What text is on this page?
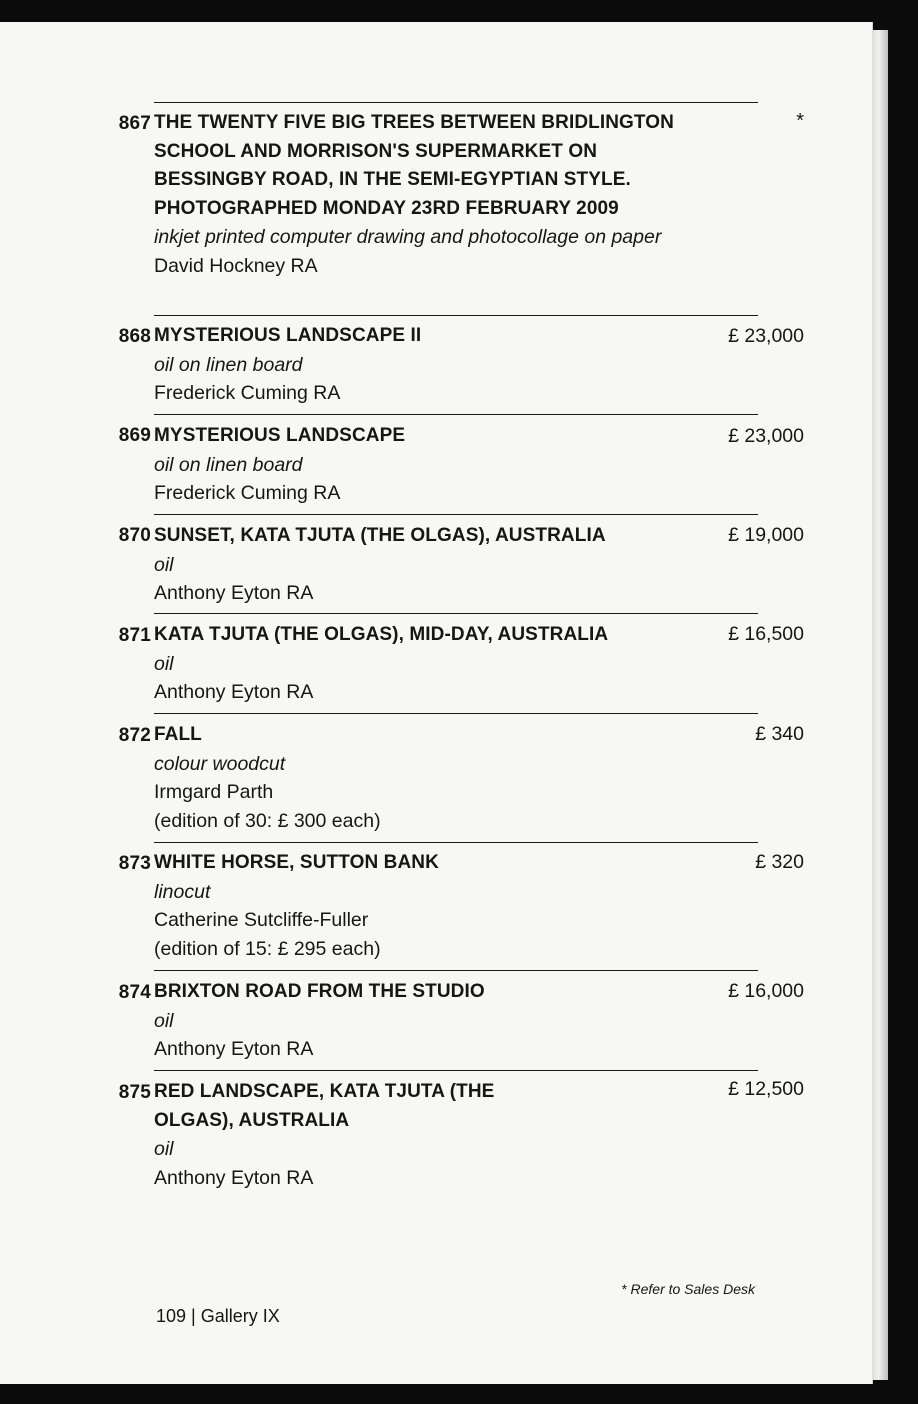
867 THE TWENTY FIVE BIG TREES BETWEEN BRIDLINGTON SCHOOL AND MORRISON'S SUPERMARKET ON BESSINGBY ROAD, IN THE SEMI-EGYPTIAN STYLE. PHOTOGRAPHED MONDAY 23RD FEBRUARY 2009
inkjet printed computer drawing and photocollage on paper
David Hockney RA
*
868 MYSTERIOUS LANDSCAPE II
oil on linen board
Frederick Cuming RA
£ 23,000
869 MYSTERIOUS LANDSCAPE
oil on linen board
Frederick Cuming RA
£ 23,000
870 SUNSET, KATA TJUTA (THE OLGAS), AUSTRALIA
oil
Anthony Eyton RA
£ 19,000
871 KATA TJUTA (THE OLGAS), MID-DAY, AUSTRALIA
oil
Anthony Eyton RA
£ 16,500
872 FALL
colour woodcut
Irmgard Parth
(edition of 30: £ 300 each)
£ 340
873 WHITE HORSE, SUTTON BANK
linocut
Catherine Sutcliffe-Fuller
(edition of 15: £ 295 each)
£ 320
874 BRIXTON ROAD FROM THE STUDIO
oil
Anthony Eyton RA
£ 16,000
875 RED LANDSCAPE, KATA TJUTA (THE OLGAS), AUSTRALIA
oil
Anthony Eyton RA
£ 12,500
* Refer to Sales Desk
109 | Gallery IX
